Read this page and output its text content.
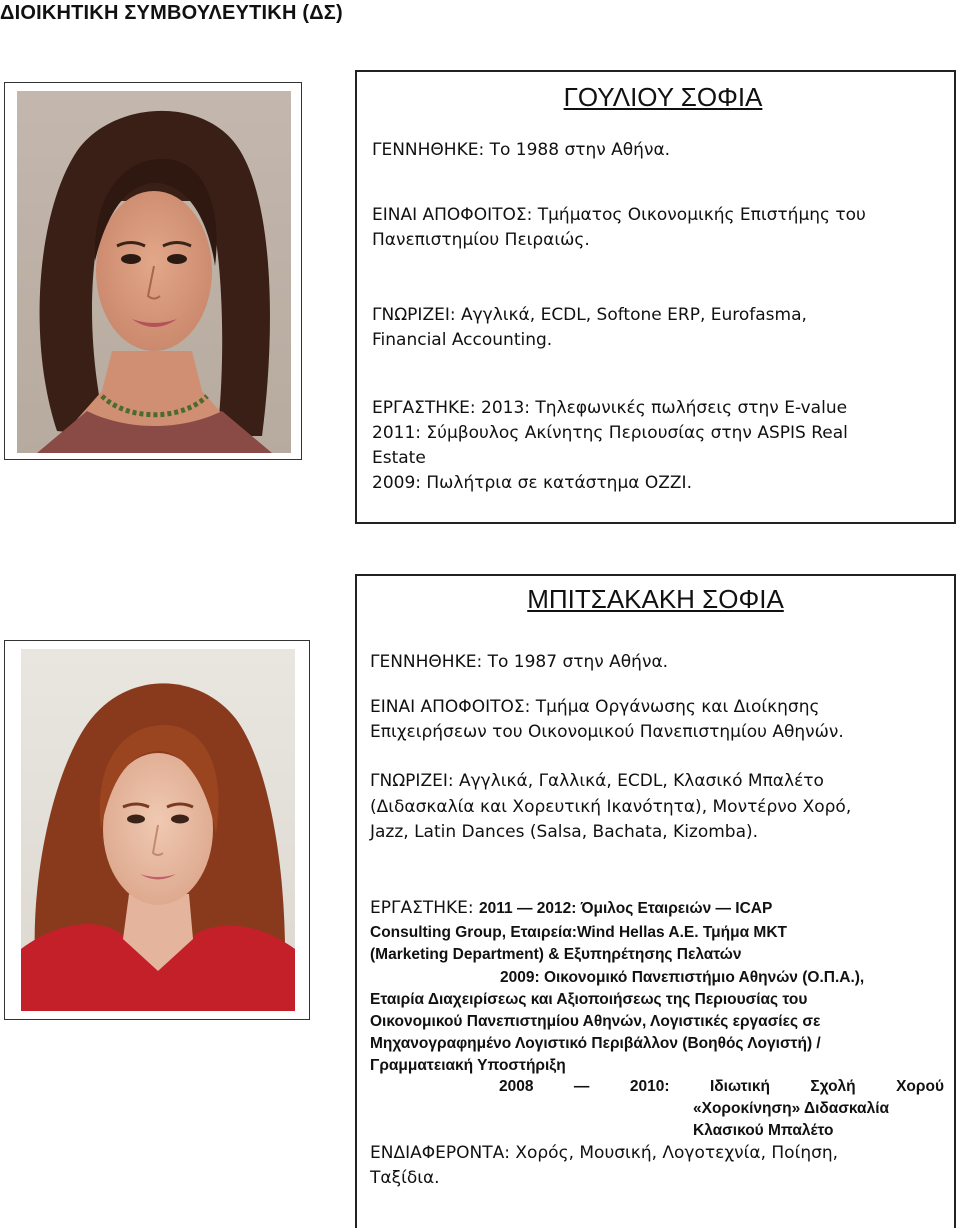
ΔΙΟΙΚΗΤΙΚΗ ΣΥΜΒΟΥΛΕΥΤΙΚΗ (ΔΣ)
ΓΟΥΛΙΟΥ ΣΟΦΙΑ
ΓΕΝΝΗΘΗΚΕ: Το 1988 στην Αθήνα.
ΕΙΝΑΙ ΑΠΟΦΟΙΤΟΣ: Τμήματος Οικονομικής Επιστήμης του
Πανεπιστημίου Πειραιώς.
ΓΝΩΡΙΖΕΙ: Αγγλικά, ECDL, Softone ERP, Eurofasma,
Financial Accounting.
ΕΡΓΑΣΤΗΚΕ: 2013: Τηλεφωνικές πωλήσεις στην E-value
2011: Σύμβουλος Ακίνητης Περιουσίας στην ASPIS Real
Estate
2009: Πωλήτρια σε κατάστημα OZZI.
ΜΠΙΤΣΑΚΑΚΗ ΣΟΦΙΑ
ΓΕΝΝΗΘΗΚΕ: Το 1987 στην Αθήνα.
ΕΙΝΑΙ ΑΠΟΦΟΙΤΟΣ: Τμήμα Οργάνωσης και Διοίκησης
Επιχειρήσεων του Οικονομικού Πανεπιστημίου Αθηνών.
ΓΝΩΡΙΖΕΙ: Αγγλικά, Γαλλικά, ECDL, Κλασικό Μπαλέτο
(Διδασκαλία και Χορευτική Ικανότητα), Μοντέρνο Χορό,
Jazz, Latin Dances (Salsa, Bachata, Kizomba).
ΕΡΓΑΣΤΗΚΕ: 2011 — 2012: Όμιλος Εταιρειών — ICAP
Consulting Group, Εταιρεία:Wind Hellas A.E. Τμήμα ΜΚΤ
(Marketing Department) & Εξυπηρέτησης Πελατών
2009: Οικονομικό Πανεπιστήμιο Αθηνών (Ο.Π.Α.),
Εταιρία Διαχειρίσεως και Αξιοποιήσεως της Περιουσίας του
Οικονομικού Πανεπιστημίου Αθηνών, Λογιστικές εργασίες σε
Μηχανογραφημένο Λογιστικό Περιβάλλον (Βοηθός Λογιστή) /
Γραμματειακή Υποστήριξη
2008	—	2010:	Ιδιωτική	Σχολή	Χορού
«Χοροκίνηση» Διδασκαλία
Κλασικού Μπαλέτο
ΕΝΔΙΑΦΕΡΟΝΤΑ: Χορός, Μουσική, Λογοτεχνία, Ποίηση,
Ταξίδια.
